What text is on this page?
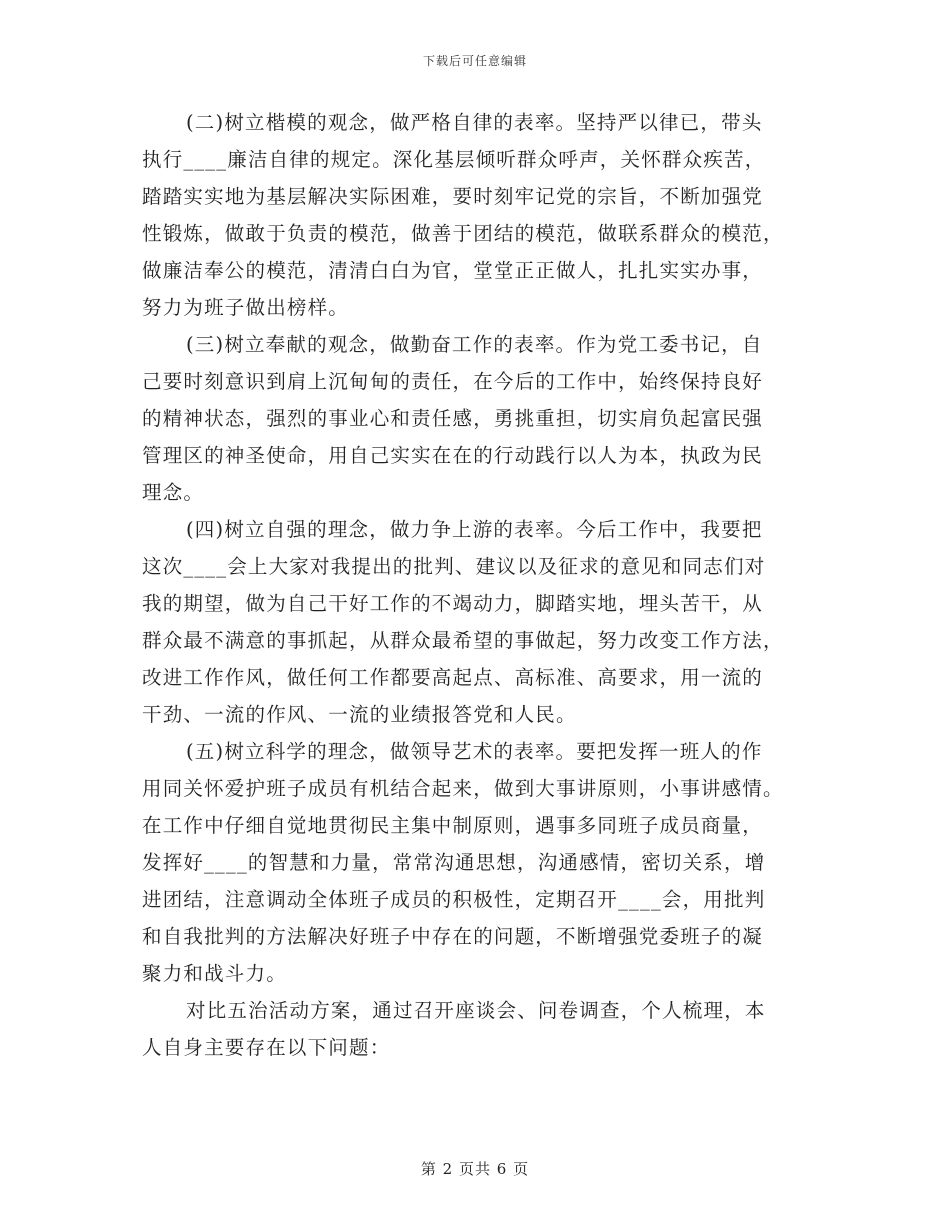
下载后可任意编辑
(二)树立楷模的观念，做严格自律的表率。坚持严以律已，带头
执行____廉洁自律的规定。深化基层倾听群众呼声，关怀群众疾苦，
踏踏实实地为基层解决实际困难，要时刻牢记党的宗旨，不断加强党
性锻炼，做敢于负责的模范，做善于团结的模范，做联系群众的模范，
做廉洁奉公的模范，清清白白为官，堂堂正正做人，扎扎实实办事，
努力为班子做出榜样。
(三)树立奉献的观念，做勤奋工作的表率。作为党工委书记，自
己要时刻意识到肩上沉甸甸的责任，在今后的工作中，始终保持良好
的精神状态，强烈的事业心和责任感，勇挑重担，切实肩负起富民强
管理区的神圣使命，用自己实实在在的行动践行以人为本，执政为民
理念。
(四)树立自强的理念，做力争上游的表率。今后工作中，我要把
这次____会上大家对我提出的批判、建议以及征求的意见和同志们对
我的期望，做为自己干好工作的不竭动力，脚踏实地，埋头苦干，从
群众最不满意的事抓起，从群众最希望的事做起，努力改变工作方法，
改进工作作风，做任何工作都要高起点、高标准、高要求，用一流的
干劲、一流的作风、一流的业绩报答党和人民。
(五)树立科学的理念，做领导艺术的表率。要把发挥一班人的作
用同关怀爱护班子成员有机结合起来，做到大事讲原则，小事讲感情。
在工作中仔细自觉地贯彻民主集中制原则，遇事多同班子成员商量，
发挥好____的智慧和力量，常常沟通思想，沟通感情，密切关系，增
进团结，注意调动全体班子成员的积极性，定期召开____会，用批判
和自我批判的方法解决好班子中存在的问题，不断增强党委班子的凝
聚力和战斗力。
对比五治活动方案，通过召开座谈会、问卷调查，个人梳理，本
人自身主要存在以下问题：
第 2 页共 6 页
